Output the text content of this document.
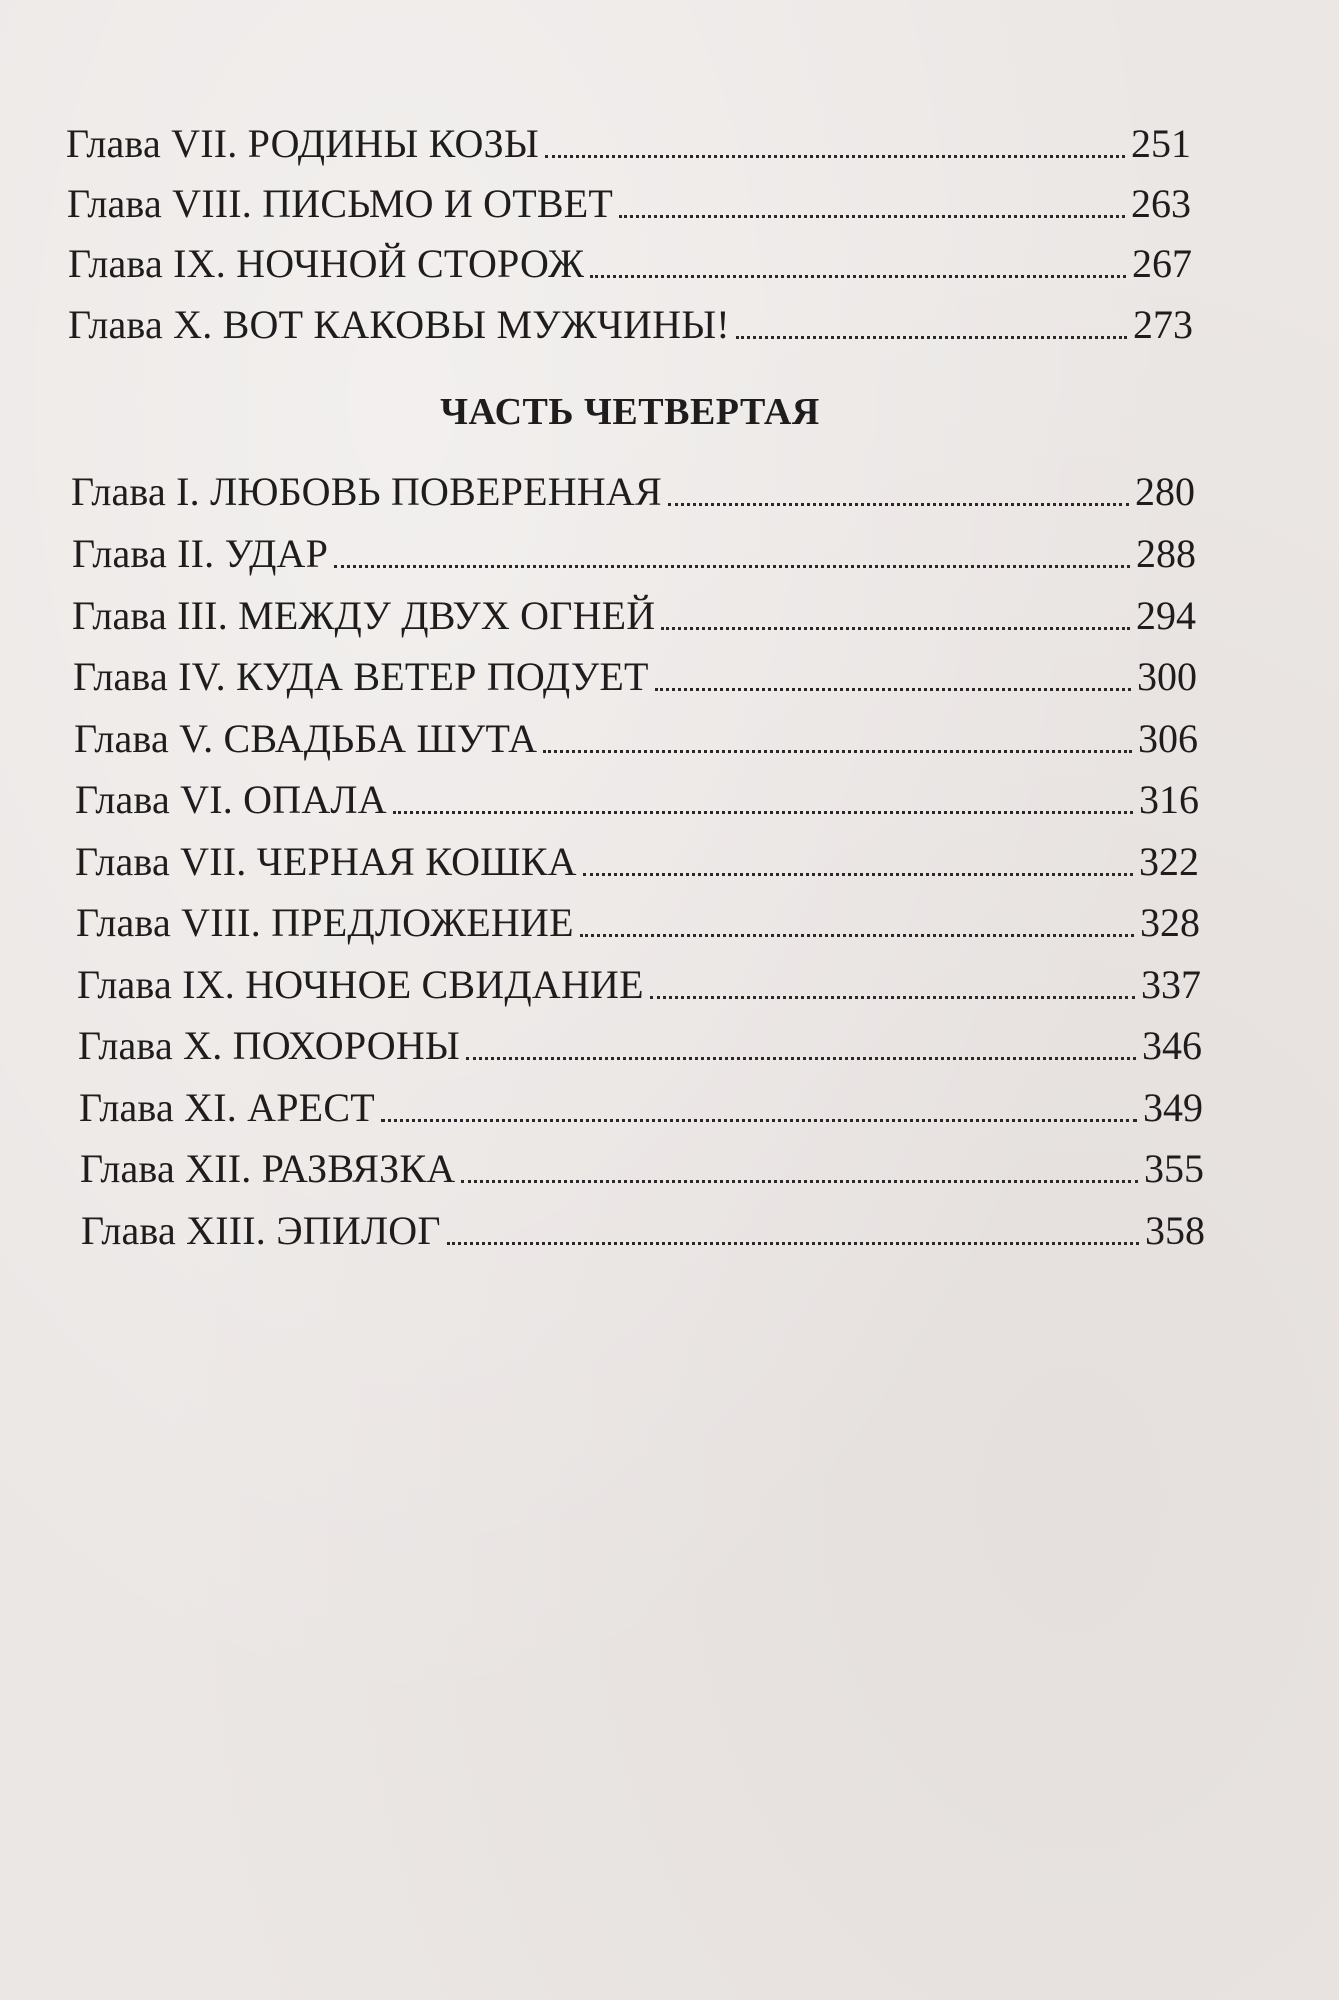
Глава VII. РОДИНЫ КОЗЫ	251
Глава VIII. ПИСЬМО И ОТВЕТ	263
Глава IX. НОЧНОЙ СТОРОЖ	267
Глава X. ВОТ КАКОВЫ МУЖЧИНЫ!	273
ЧАСТЬ ЧЕТВЕРТАЯ
Глава I. ЛЮБОВЬ ПОВЕРЕННАЯ	280
Глава II. УДАР	288
Глава III. МЕЖДУ ДВУХ ОГНЕЙ	294
Глава IV. КУДА ВЕТЕР ПОДУЕТ	300
Глава V. СВАДЬБА ШУТА	306
Глава VI. ОПАЛА	316
Глава VII. ЧЕРНАЯ КОШКА	322
Глава VIII. ПРЕДЛОЖЕНИЕ	328
Глава IX. НОЧНОЕ СВИДАНИЕ	337
Глава X. ПОХОРОНЫ	346
Глава XI. АРЕСТ	349
Глава XII. РАЗВЯЗКА	355
Глава XIII. ЭПИЛОГ	358
